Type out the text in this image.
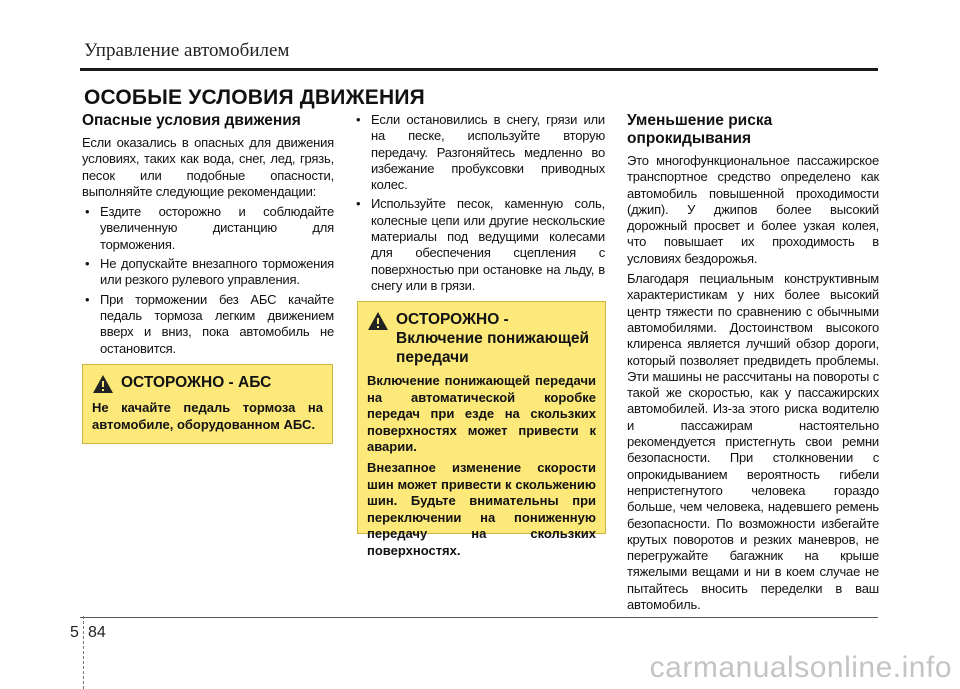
Управление автомобилем
ОСОБЫЕ УСЛОВИЯ ДВИЖЕНИЯ
Опасные условия движения

Если оказались в опасных для движения условиях, таких как вода, снег, лед, грязь, песок или подобные опасности, выполняйте следующие рекомендации:

• Ездите осторожно и соблюдайте увеличенную дистанцию для торможения.
• Не допускайте внезапного торможения или резкого рулевого управления.
• При торможении без АБС качайте педаль тормоза легким движением вверх и вниз, пока автомобиль не остановится.
ОСТОРОЖНО - АБС

Не качайте педаль тормоза на автомобиле, оборудованном АБС.

• Если остановились в снегу, грязи или на песке, используйте вторую передачу. Разгоняйтесь медленно во избежание пробуксовки приводных колес.
• Используйте песок, каменную соль, колесные цепи или другие нескольские материалы под ведущими колесами для обеспечения сцепления с поверхностью при остановке на льду, в снегу или в грязи.
ОСТОРОЖНО - Включение понижающей передачи

Включение понижающей передачи на автоматической коробке передач при езде на скользких поверхностях может привести к аварии.

Внезапное изменение скорости шин может привести к скольжению шин. Будьте внимательны при переключении на пониженную передачу на скользких поверхностях.

Уменьшение риска опрокидывания

Это многофункциональное пассажирское транспортное средство определено как автомобиль повышенной проходимости (джип). У джипов более высокий дорожный просвет и более узкая колея, что повышает их проходимость в условиях бездорожья.

Благодаря пециальным конструктивным характеристикам у них более высокий центр тяжести по сравнению с обычными автомобилями. Достоинством высокого клиренса является лучший обзор дороги, который позволяет предвидеть проблемы. Эти машины не рассчитаны на повороты с такой же скоростью, как у пассажирских автомобилей. Из-за этого риска водителю и пассажирам настоятельно рекомендуется пристегнуть свои ремни безопасности. При столкновении с опрокидыванием вероятность гибели непристегнутого человека гораздо больше, чем человека, надевшего ремень безопасности. По возможности избегайте крутых поворотов и резких маневров, не перегружайте багажник на крыше тяжелыми вещами и ни в коем случае не пытайтесь вносить переделки в ваш автомобиль.

5 84
carmanualsonline.info
